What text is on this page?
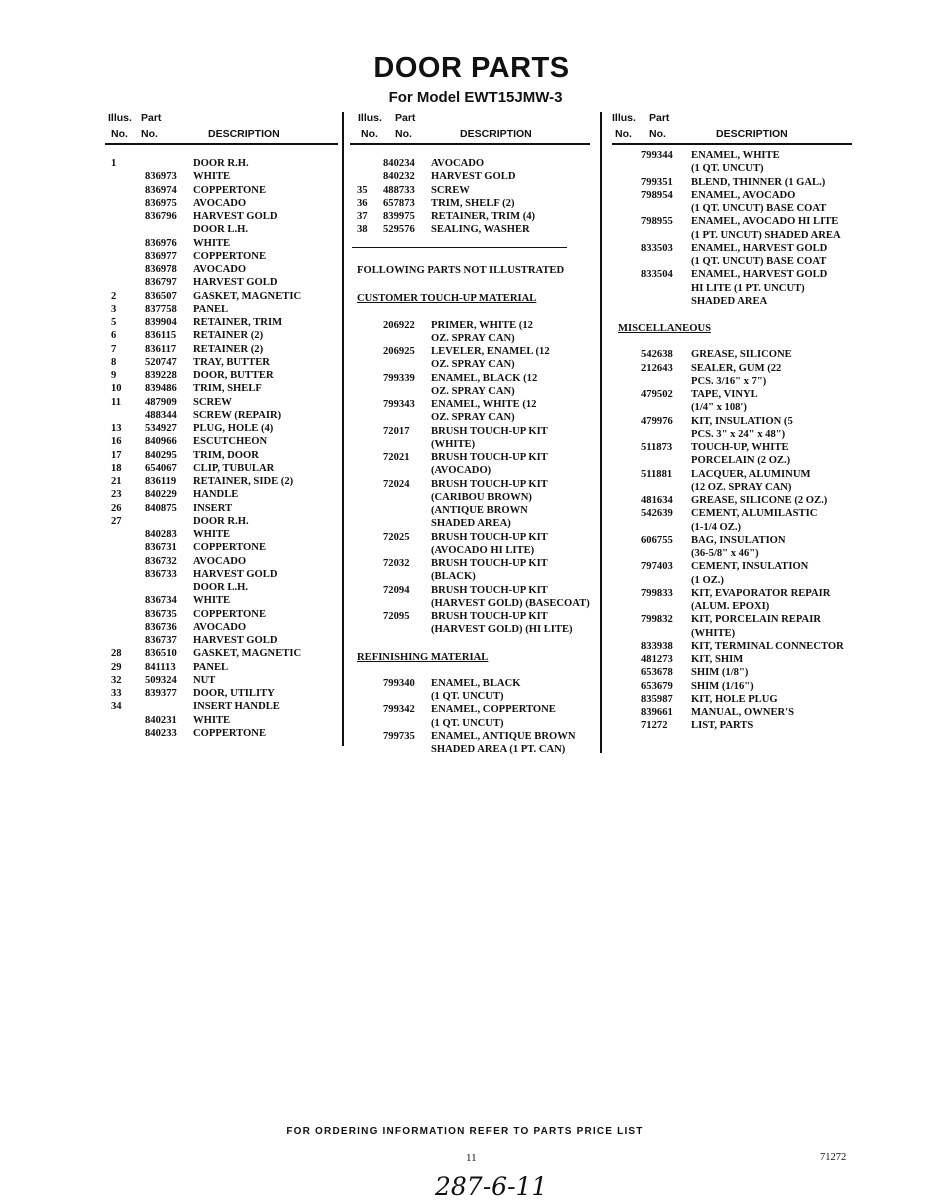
DOOR PARTS
For Model EWT15JMW-3
Illus. Part
No. No.	DESCRIPTION
1	DOOR R.H.
836973 WHITE
836974 COPPERTONE
836975 AVOCADO
836796 HARVEST GOLD
DOOR L.H.
836976 WHITE
836977 COPPERTONE
836978 AVOCADO
836797 HARVEST GOLD
2	836507 GASKET, MAGNETIC
3	837758 PANEL
5	839904 RETAINER, TRIM
6	836115 RETAINER (2)
7	836117 RETAINER (2)
8	520747 TRAY, BUTTER
9	839228 DOOR, BUTTER
10 839486 TRIM, SHELF
11 487909 SCREW
488344 SCREW (REPAIR)
13 534927 PLUG, HOLE (4)
16 840966 ESCUTCHEON
17 840295 TRIM, DOOR
18 654067 CLIP, TUBULAR
21 836119 RETAINER, SIDE (2)
23 840229 HANDLE
26 840875 INSERT
27	DOOR R.H.
840283 WHITE
836731 COPPERTONE
836732 AVOCADO
836733 HARVEST GOLD
DOOR L.H.
836734 WHITE
836735 COPPERTONE
836736 AVOCADO
836737 HARVEST GOLD
28 836510 GASKET, MAGNETIC
29 841113 PANEL
32 509324 NUT
33 839377 DOOR, UTILITY
34	INSERT HANDLE
840231 WHITE
840233 COPPERTONE
Illus. Part
No. No.	DESCRIPTION
840234 AVOCADO
840232 HARVEST GOLD
35 488733 SCREW
36 657873 TRIM, SHELF (2)
37 839975 RETAINER, TRIM (4)
38 529576 SEALING, WASHER
FOLLOWING PARTS NOT ILLUSTRATED
CUSTOMER TOUCH-UP MATERIAL
206922 PRIMER, WHITE (12
OZ. SPRAY CAN)
206925 LEVELER, ENAMEL (12
OZ. SPRAY CAN)
799339 ENAMEL, BLACK (12
OZ. SPRAY CAN)
799343 ENAMEL, WHITE (12
OZ. SPRAY CAN)
72017 BRUSH TOUCH-UP KIT
(WHITE)
72021 BRUSH TOUCH-UP KIT
(AVOCADO)
72024 BRUSH TOUCH-UP KIT
(CARIBOU BROWN)
(ANTIQUE BROWN
SHADED AREA)
72025 BRUSH TOUCH-UP KIT
(AVOCADO HI LITE)
72032 BRUSH TOUCH-UP KIT
(BLACK)
72094 BRUSH TOUCH-UP KIT
(HARVEST GOLD) (BASECOAT)
72095 BRUSH TOUCH-UP KIT
(HARVEST GOLD) (HI LITE)
REFINISHING MATERIAL
799340 ENAMEL, BLACK
(1 QT. UNCUT)
799342 ENAMEL, COPPERTONE
(1 QT. UNCUT)
799735 ENAMEL, ANTIQUE BROWN
SHADED AREA (1 PT. CAN)
Illus. Part
No. No.	DESCRIPTION
799344 ENAMEL, WHITE
(1 QT. UNCUT)
799351 BLEND, THINNER (1 GAL.)
798954 ENAMEL, AVOCADO
(1 QT. UNCUT) BASE COAT
798955 ENAMEL, AVOCADO HI LITE
(1 PT. UNCUT) SHADED AREA
833503 ENAMEL, HARVEST GOLD
(1 QT. UNCUT) BASE COAT
833504 ENAMEL, HARVEST GOLD
HI LITE (1 PT. UNCUT)
SHADED AREA
MISCELLANEOUS
542638 GREASE, SILICONE
212643 SEALER, GUM (22
PCS. 3/16" x 7")
479502 TAPE, VINYL
(1/4" x 108')
479976 KIT, INSULATION (5
PCS. 3" x 24" x 48")
511873 TOUCH-UP, WHITE
PORCELAIN (2 OZ.)
511881 LACQUER, ALUMINUM
(12 OZ. SPRAY CAN)
481634 GREASE, SILICONE (2 OZ.)
542639 CEMENT, ALUMILASTIC
(1-1/4 OZ.)
606755 BAG, INSULATION
(36-5/8" x 46")
797403 CEMENT, INSULATION
(1 OZ.)
799833 KIT, EVAPORATOR REPAIR
(ALUM. EPOXI)
799832 KIT, PORCELAIN REPAIR
(WHITE)
833938 KIT, TERMINAL CONNECTOR
481273 KIT, SHIM
653678 SHIM (1/8")
653679 SHIM (1/16")
835987 KIT, HOLE PLUG
839661 MANUAL, OWNER'S
71272 LIST, PARTS
FOR ORDERING INFORMATION REFER TO PARTS PRICE LIST
11	71272
287-6-11
